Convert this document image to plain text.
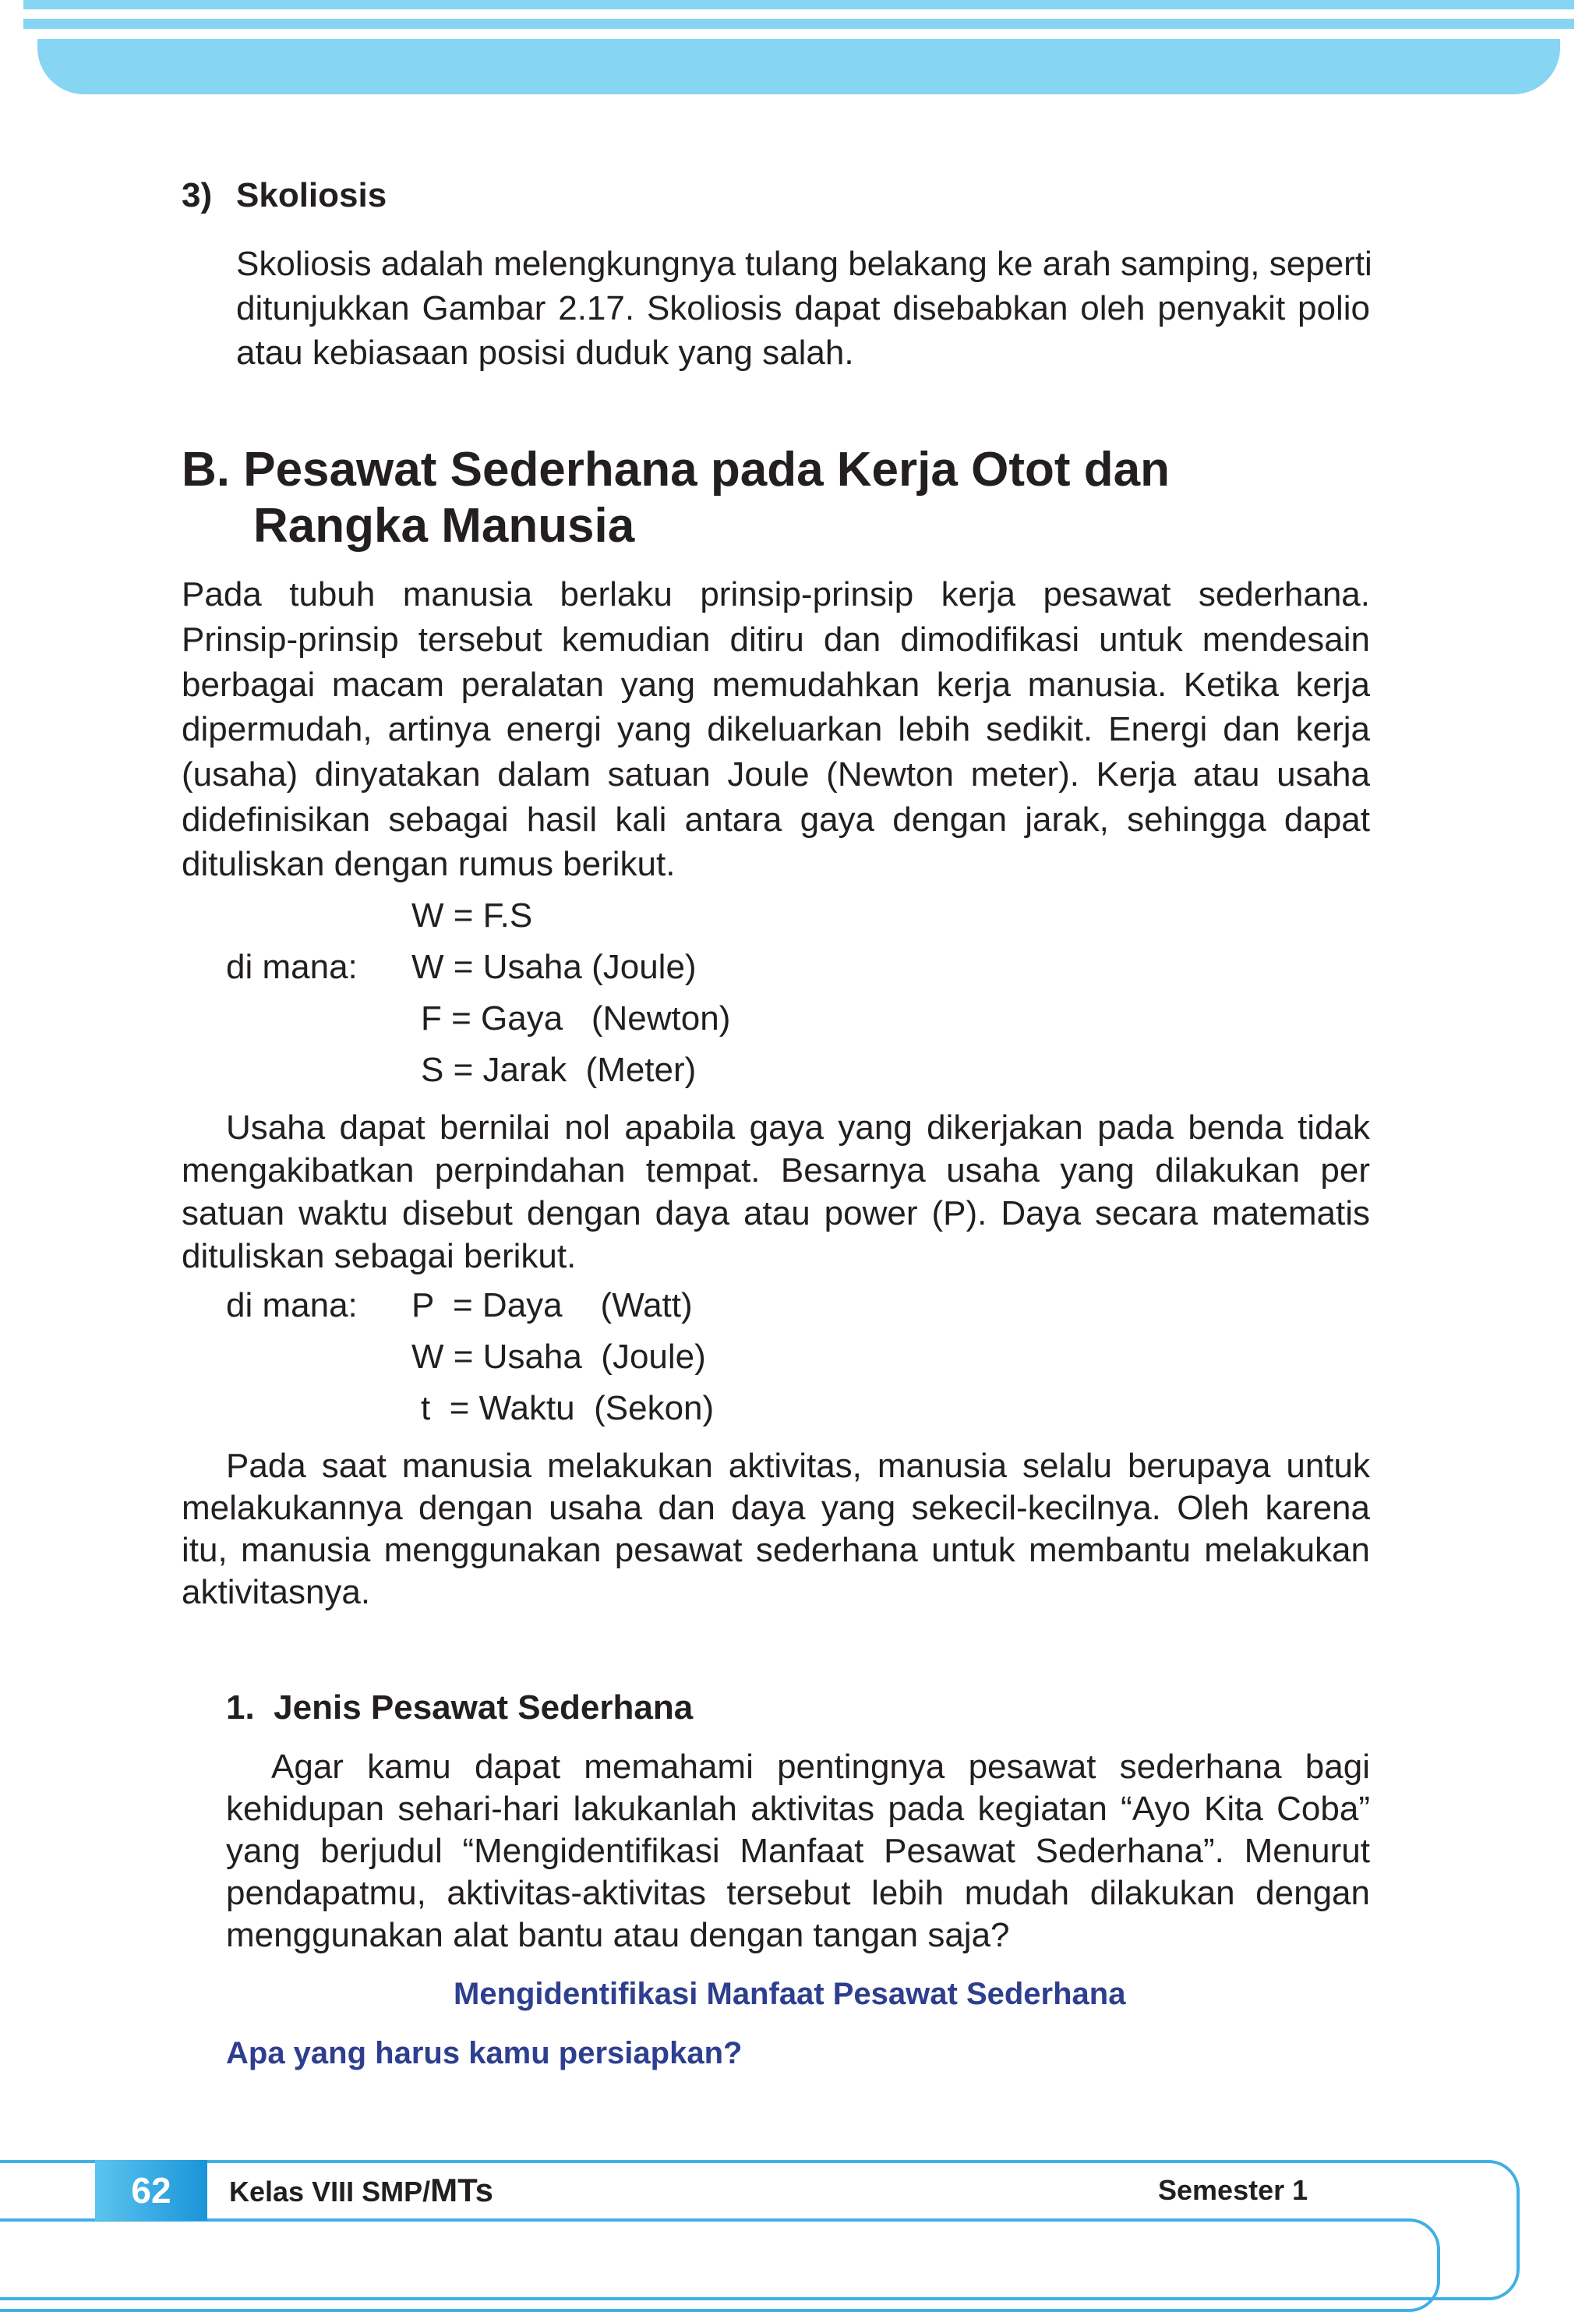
3) Skoliosis
Skoliosis adalah melengkungnya tulang belakang ke arah samping, seperti
ditunjukkan Gambar 2.17. Skoliosis dapat disebabkan oleh penyakit polio
atau kebiasaan posisi duduk yang salah.
B. Pesawat Sederhana pada Kerja Otot dan
Rangka Manusia
Pada tubuh manusia berlaku prinsip-prinsip kerja pesawat sederhana.
Prinsip-prinsip tersebut kemudian ditiru dan dimodifikasi untuk mendesain
berbagai macam peralatan yang memudahkan kerja manusia. Ketika kerja
dipermudah, artinya energi yang dikeluarkan lebih sedikit. Energi dan kerja
(usaha) dinyatakan dalam satuan Joule (Newton meter). Kerja atau usaha
didefinisikan sebagai hasil kali antara gaya dengan jarak, sehingga dapat
dituliskan dengan rumus berikut.
W = F.S
di mana: W = Usaha (Joule)
F = Gaya   (Newton)
S = Jarak  (Meter)
Usaha dapat bernilai nol apabila gaya yang dikerjakan pada benda tidak
mengakibatkan perpindahan tempat. Besarnya usaha yang dilakukan per
satuan waktu disebut dengan daya atau power (P). Daya secara matematis
dituliskan sebagai berikut.
di mana: P  = Daya    (Watt)
W = Usaha  (Joule)
t  = Waktu  (Sekon)
Pada saat manusia melakukan aktivitas, manusia selalu berupaya untuk
melakukannya dengan usaha dan daya yang sekecil-kecilnya. Oleh karena
itu, manusia menggunakan pesawat sederhana untuk membantu melakukan
aktivitasnya.
1.  Jenis Pesawat Sederhana
Agar kamu dapat memahami pentingnya pesawat sederhana bagi
kehidupan sehari-hari lakukanlah aktivitas pada kegiatan “Ayo Kita Coba”
yang berjudul “Mengidentifikasi Manfaat Pesawat Sederhana”. Menurut
pendapatmu, aktivitas-aktivitas tersebut lebih mudah dilakukan dengan
menggunakan alat bantu atau dengan tangan saja?
Mengidentifikasi Manfaat Pesawat Sederhana
Apa yang harus kamu persiapkan?
62	Kelas VIII SMP/MTs	Semester 1
